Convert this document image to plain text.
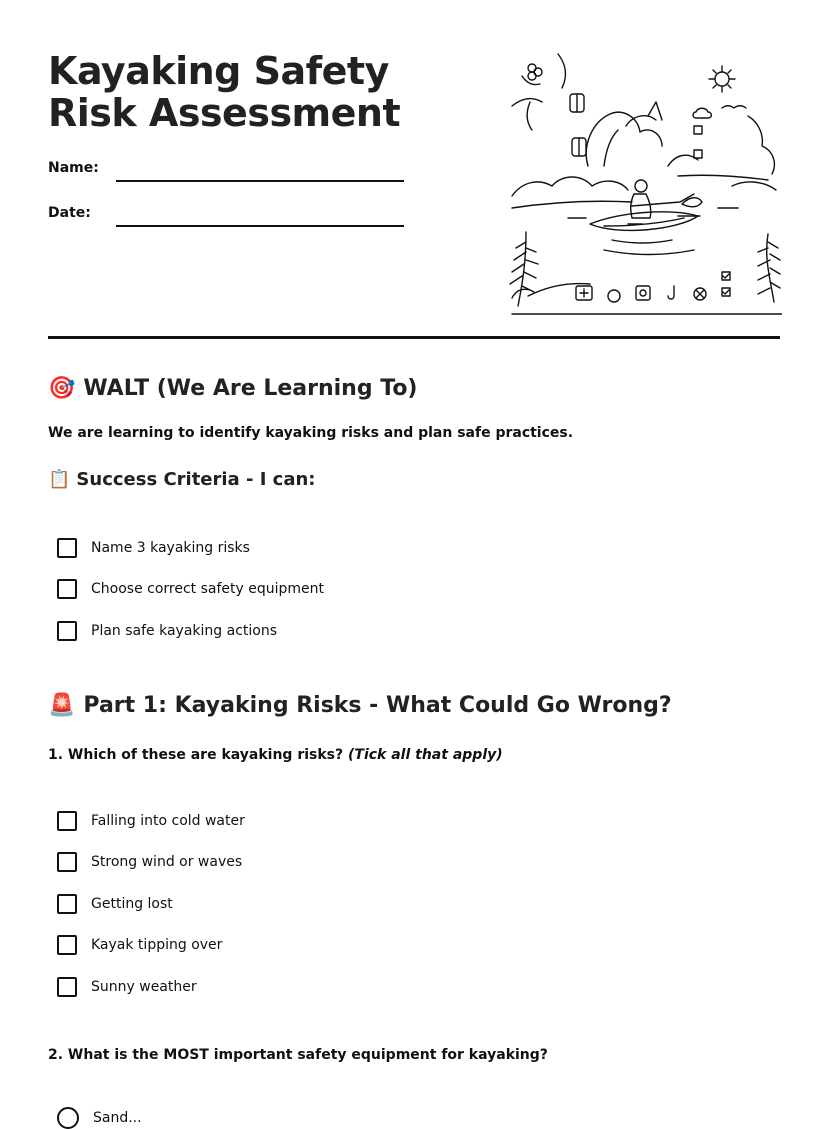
Kayaking Safety Risk Assessment
Name:
Date:
🎯 WALT (We Are Learning To)

We are learning to identify kayaking risks and plan safe practices.

📋 Success Criteria - I can:
Name 3 kayaking risks
Choose correct safety equipment
Plan safe kayaking actions
🚨 Part 1: Kayaking Risks - What Could Go Wrong?

1. Which of these are kayaking risks? (Tick all that apply)

Falling into cold water
Strong wind or waves
Getting lost
Kayak tipping over
Sunny weather

2. What is the MOST important safety equipment for kayaking?

Sand...
